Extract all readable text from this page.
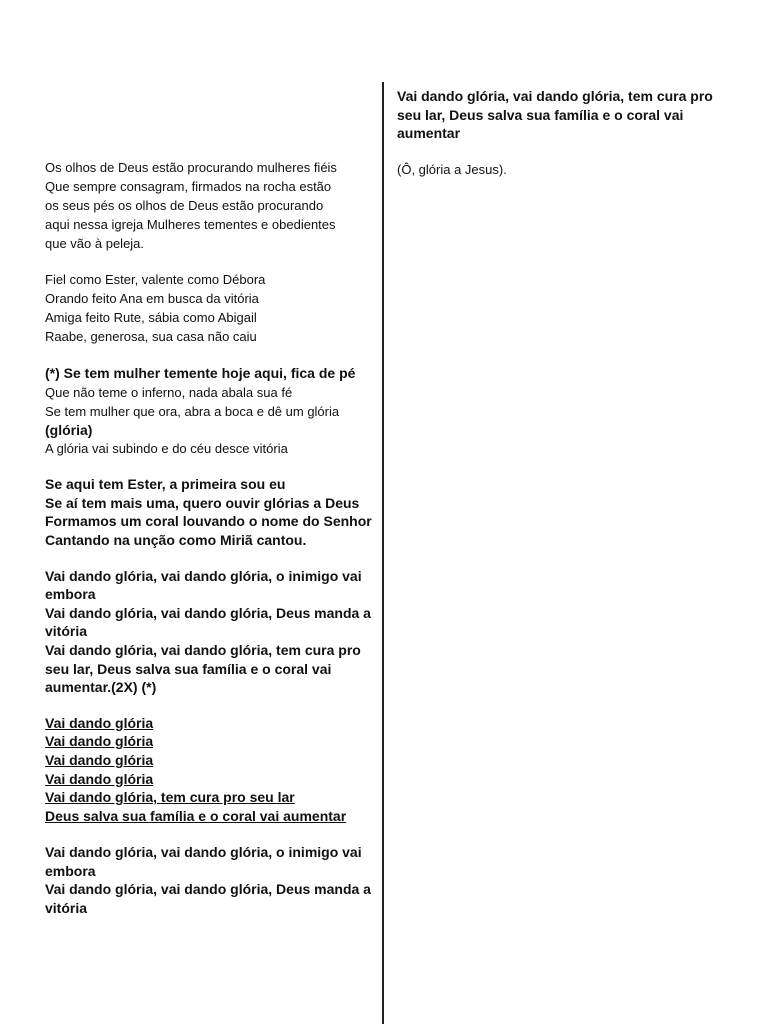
Os olhos de Deus estão procurando mulheres fiéis
Que sempre consagram, firmados na rocha estão
os seus pés os olhos de Deus estão procurando
aqui nessa igreja Mulheres tementes e obedientes
que vão à peleja.
Fiel como Ester, valente como Débora
Orando feito Ana em busca da vitória
Amiga feito Rute, sábia como Abigail
Raabe, generosa, sua casa não caiu
(*) Se tem mulher temente hoje aqui, fica de pé
Que não teme o inferno, nada abala sua fé
Se tem mulher que ora, abra a boca e dê um glória
(glória)
A glória vai subindo e do céu desce vitória
Se aqui tem Ester, a primeira sou eu
Se aí tem mais uma, quero ouvir glórias a Deus
Formamos um coral louvando o nome do Senhor
Cantando na unção como Miriã cantou.
Vai dando glória, vai dando glória, o inimigo vai
embora
Vai dando glória, vai dando glória, Deus manda a
vitória
Vai dando glória, vai dando glória, tem cura pro
seu lar, Deus salva sua família e o coral vai
aumentar.(2X) (*)
Vai dando glória
Vai dando glória
Vai dando glória
Vai dando glória
Vai dando glória, tem cura pro seu lar
Deus salva sua família e o coral vai aumentar
Vai dando glória, vai dando glória, o inimigo vai
embora
Vai dando glória, vai dando glória, Deus manda a
vitória
Vai dando glória, vai dando glória, tem cura pro
seu lar, Deus salva sua família e o coral vai
aumentar
(Ô, glória a Jesus).
